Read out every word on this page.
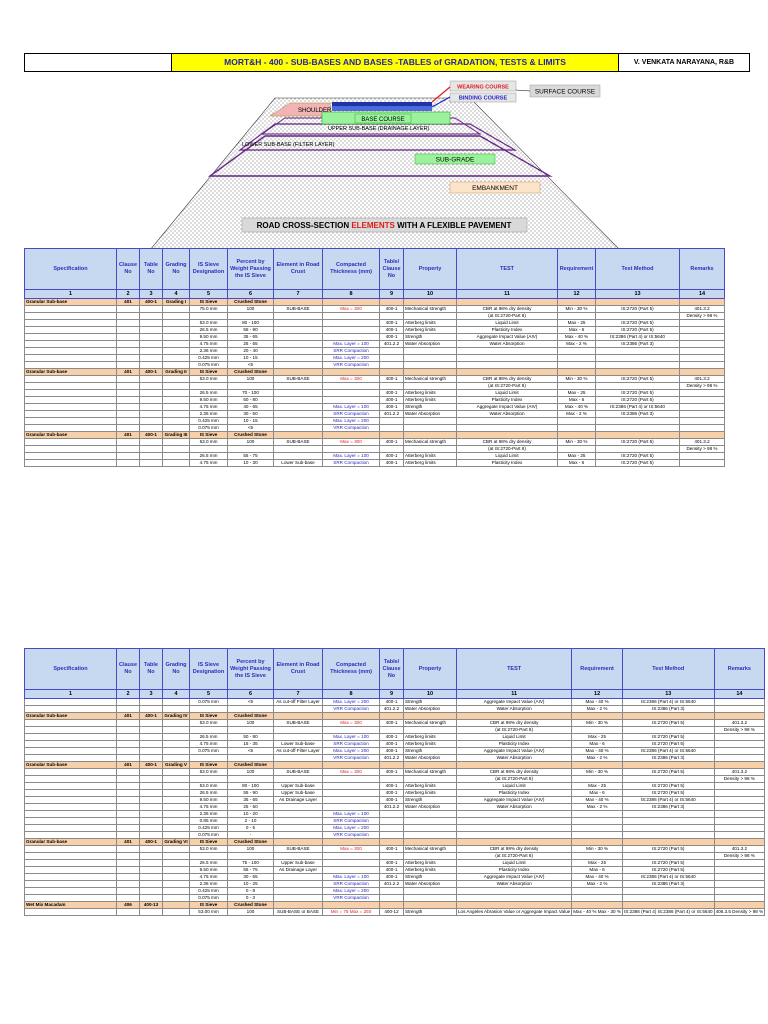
MORT&H - 400 - SUB-BASES AND BASES -TABLES of GRADATION, TESTS & LIMITS	V. VENKATA NARAYANA, R&B
WEARING COURSE
BINDING COURSE
SURFACE COURSE
SHOULDER
BASE COURSE
UPPER SUB-BASE (DRAINAGE LAYER)
LOWER SUB-BASE (FILTER LAYER)
SUB-GRADE
EMBANKMENT
ROAD CROSS-SECTION ELEMENTS WITH A FLEXIBLE PAVEMENT
Specification	Clause No	Table No	Grading No	IS Sieve Designation	Percent by Weight Passing the IS Sieve	Element in Road Crust	Compacted Thickness (mm)	Table/ Clause No	Property	TEST	Requirement	Test Method	Remarks
1	2	3	4	5	6	7	8	9	10	11	12	13	14
Granular Sub-base	401	400-1	Grading I	IS Sieve	Crushed Stone								
				75.0 mm	100	SUB-BASE	Max = 300	400-1	Mechanical strength	CBR at 98% dry density	Min - 30 %	IS:2720 (Part 5)	401.3.2
										(at IS:2720-Part 8)			Density > 98 %
				53.0 mm	80 - 100			400-1	Atterberg limits	Liquid Limit	Max - 25	IS:2720 (Part 5)	
				26.5 mm	55 - 90			400-1	Atterberg limits	Plasticity Index	Max - 6	IS:2720 (Part 5)	
				9.50 mm	35 - 65			400-1	Strength	Aggregate Impact Value (AIV)	Max - 40 %	IS:2386 (Part 4) or IS:5640	
				4.75 mm	25 - 55		Max. Layer = 100	401.2.2	Water Absorption	Water Absorption	Max - 2 %	IS:2386 (Part 3)	
				2.36 mm	20 - 40		SRR Compaction						
				0.425 mm	10 - 15		Max. Layer = 200						
				0.075 mm	<5		VRR Compaction						
Granular Sub-base	401	400-1	Grading II	IS Sieve	Crushed Stone								
				53.0 mm	100	SUB-BASE	Max = 300	400-1	Mechanical strength	CBR at 98% dry density	Min - 30 %	IS:2720 (Part 5)	401.3.2
										(at IS:2720-Part 8)			Density > 98 %
				26.5 mm	70 - 100			400-1	Atterberg limits	Liquid Limit	Max - 25	IS:2720 (Part 5)	
				9.50 mm	50 - 80			400-1	Atterberg limits	Plasticity Index	Max - 6	IS:2720 (Part 5)	
				4.75 mm	40 - 65		Max. Layer = 100	400-1	Strength	Aggregate Impact Value (AIV)	Max - 40 %	IS:2386 (Part 4) or IS:5640	
				2.36 mm	30 - 50		SRR Compaction	401.2.2	Water Absorption	Water Absorption	Max - 2 %	IS:2386 (Part 3)	
				0.425 mm	10 - 15		Max. Layer = 200						
				0.075 mm	<5		VRR Compaction						
Granular Sub-base	401	400-1	Grading III	IS Sieve	Crushed Stone								
				53.0 mm	100	SUB-BASE	Max = 300	400-1	Mechanical strength	CBR at 98% dry density	Min - 30 %	IS:2720 (Part 5)	401.3.2
										(at IS:2720-Part 8)			Density > 98 %
				26.5 mm	55 - 75		Max. Layer = 100	400-1	Atterberg limits	Liquid Limit	Max - 25	IS:2720 (Part 5)	
				4.75 mm	10 - 30	Lower Sub-base	SRR Compaction	400-1	Atterberg limits	Plasticity Index	Max - 6	IS:2720 (Part 5)	
Specification	Clause No	Table No	Grading No	IS Sieve Designation	Percent by Weight Passing the IS Sieve	Element in Road Crust	Compacted Thickness (mm)	Table/ Clause No	Property	TEST	Requirement	Test Method	Remarks
1	2	3	4	5	6	7	8	9	10	11	12	13	14
				0.075 mm	<5	As cut-off Filter Layer	Max. Layer = 200	400-1	Strength	Aggregate Impact Value (AIV)	Max - 40 %	IS:2386 (Part 4) or IS:5640	
							VRR Compaction	401.2.2	Water Absorption	Water Absorption	Max - 2 %	IS:2386 (Part 3)	
Granular Sub-base	401	400-1	Grading IV	IS Sieve	Crushed Stone								
				53.0 mm	100	SUB-BASE	Max = 300	400-1	Mechanical strength	CBR at 98% dry density	Min - 30 %	IS:2720 (Part 5)	401.3.2
										(at IS:2720-Part 8)			Density > 98 %
				26.5 mm	50 - 80		Max. Layer = 100	400-1	Atterberg limits	Liquid Limit	Max - 25	IS:2720 (Part 5)	
				4.75 mm	15 - 35	Lower Sub-base	SRR Compaction	400-1	Atterberg limits	Plasticity Index	Max - 6	IS:2720 (Part 5)	
				0.075 mm	<5	As cut-off Filter Layer	Max. Layer = 200	400-1	Strength	Aggregate Impact Value (AIV)	Max - 40 %	IS:2386 (Part 4) or IS:5640	
							VRR Compaction	401.2.2	Water Absorption	Water Absorption	Max - 2 %	IS:2386 (Part 3)	
Granular Sub-base	401	400-1	Grading V	IS Sieve	Crushed Stone								
				53.0 mm	100	SUB-BASE	Max = 300	400-1	Mechanical strength	CBR at 98% dry density	Min - 30 %	IS:2720 (Part 5)	401.3.2
										(at IS:2720-Part 8)			Density > 98 %
				53.0 mm	80 - 100	Upper Sub-base		400-1	Atterberg limits	Liquid Limit	Max - 25	IS:2720 (Part 5)	
				26.5 mm	55 - 90	Upper Sub-base		400-1	Atterberg limits	Plasticity Index	Max - 6	IS:2720 (Part 5)	
				9.50 mm	35 - 65	As Drainage Layer		400-1	Strength	Aggregate Impact Value (AIV)	Max - 40 %	IS:2386 (Part 4) or IS:5640	
				4.75 mm	25 - 50			401.2.2	Water Absorption	Water Absorption	Max - 2 %	IS:2386 (Part 3)	
				2.36 mm	10 - 20		Max. Layer = 100						
				0.85 mm	2 - 10		SRR Compaction						
				0.425 mm	0 - 5		Max. Layer = 200						
				0.075 mm	-		VRR Compaction						
Granular Sub-base	401	400-1	Grading VI	IS Sieve	Crushed Stone								
				53.0 mm	100	SUB-BASE	Max = 300	400-1	Mechanical strength	CBR at 98% dry density	Min - 30 %	IS:2720 (Part 5)	401.3.2
										(at IS:2720-Part 8)			Density > 98 %
				26.5 mm	75 - 100	Upper Sub-base		400-1	Atterberg limits	Liquid Limit	Max - 25	IS:2720 (Part 5)	
				9.50 mm	55 - 75	As Drainage Layer		400-1	Atterberg limits	Plasticity Index	Max - 6	IS:2720 (Part 5)	
				4.75 mm	30 - 55		Max. Layer = 100	400-1	Strength	Aggregate Impact Value (AIV)	Max - 40 %	IS:2386 (Part 4) or IS:5640	
				2.36 mm	10 - 25		SRR Compaction	401.2.2	Water Absorption	Water Absorption	Max - 2 %	IS:2386 (Part 3)	
				0.425 mm	0 - 8		Max. Layer = 200						
				0.075 mm	0 - 3		VRR Compaction						
Wet Mix Macadam	406	400-13		IS Sieve	Crushed Stone								
				53.00 mm	100	SUB-BASE or BASE	Min = 75 Max = 250	400-12	Strength	Los Angeles Abrasion Value or Aggregate Impact Value	Max - 40 % Max - 30 %	IS:2386 (Part 4) IS:2386 (Part 4) or IS:5640	406.3.5 Density > 98 %
